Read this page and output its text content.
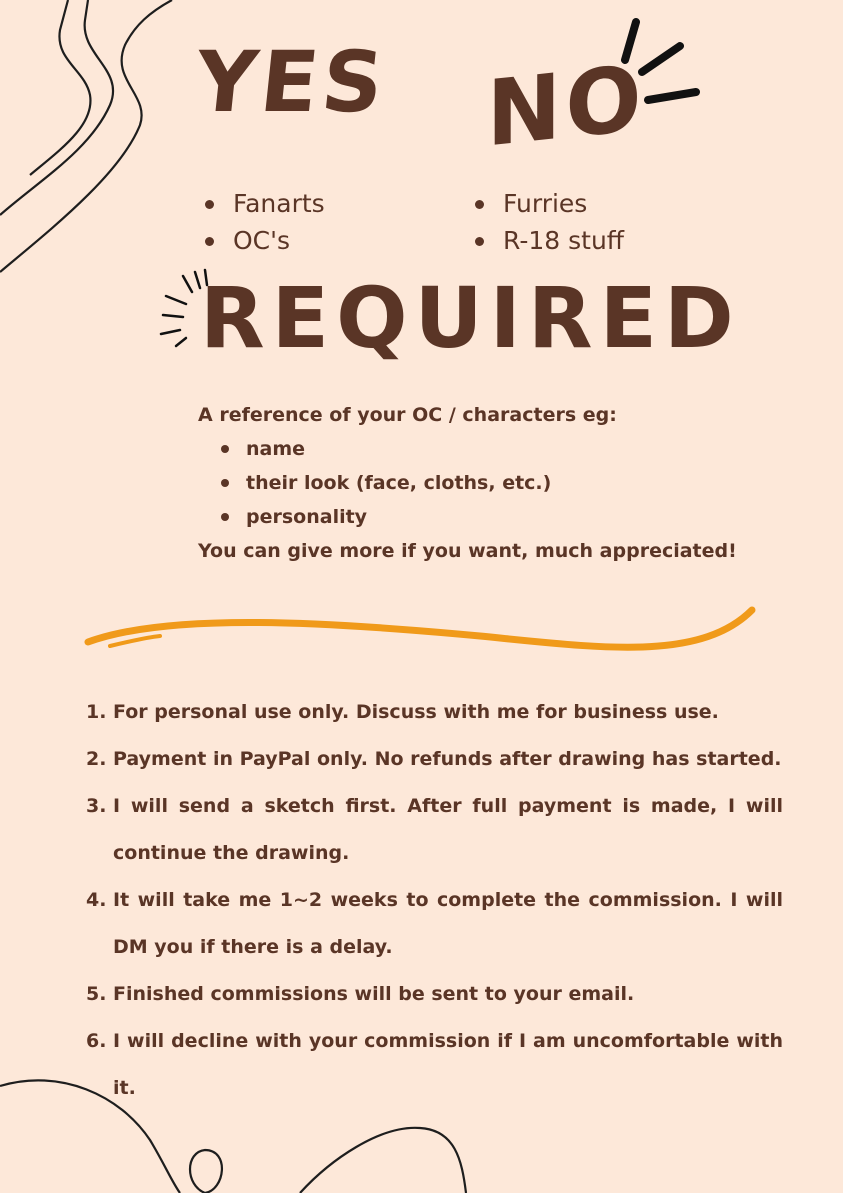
YES NO
Fanarts
OC's
Furries
R-18 stuff
REQUIRED

A reference of your OC / characters eg:

name
their look (face, cloths, etc.)
personality

You can give more if you want, much appreciated!

1. For personal use only. Discuss with me for business use.
2. Payment in PayPal only. No refunds after drawing has started.
3. I will send a sketch first. After full payment is made, I will continue the drawing.
4. It will take me 1~2 weeks to complete the commission. I will DM you if there is a delay.
5. Finished commissions will be sent to your email.
6. I will decline with your commission if I am uncomfortable with it.
